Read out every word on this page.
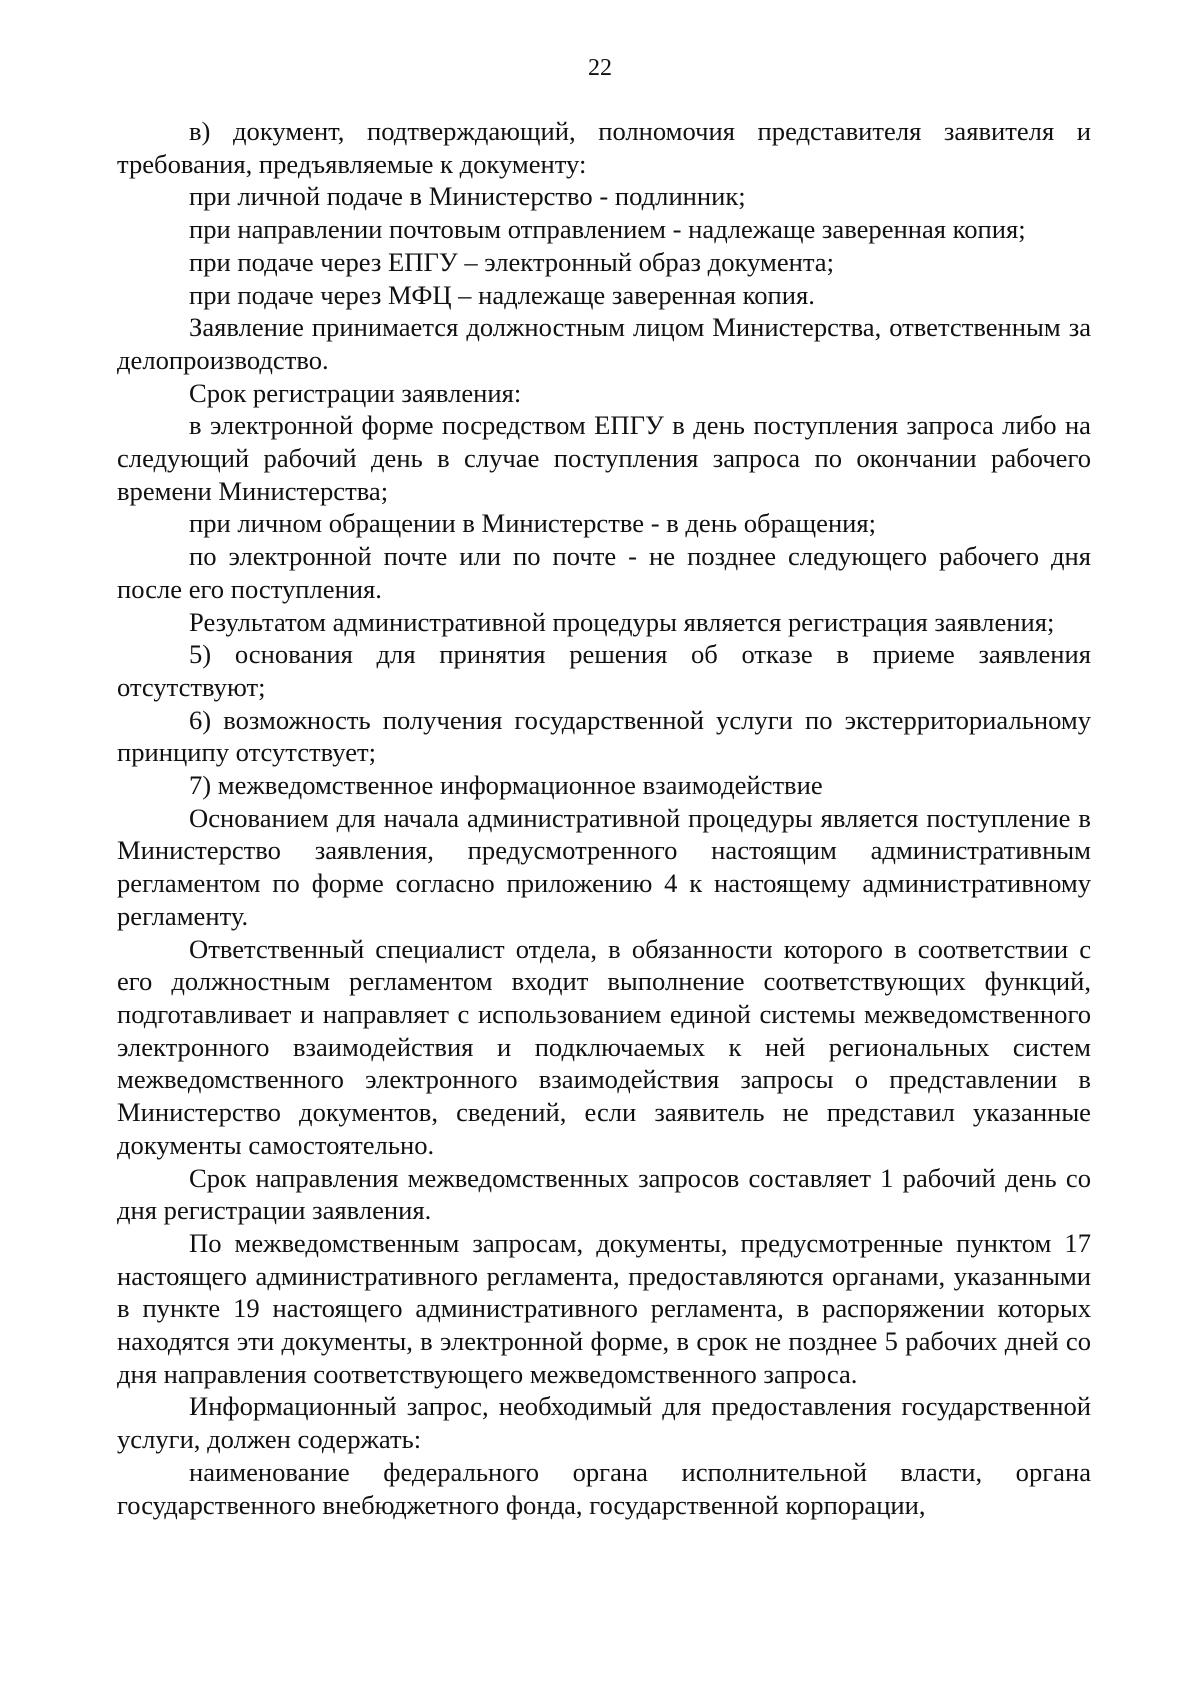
22

в) документ, подтверждающий, полномочия представителя заявителя и требования, предъявляемые к документу:

при личной подаче в Министерство - подлинник;

при направлении почтовым отправлением - надлежаще заверенная копия;

при подаче через ЕПГУ – электронный образ документа;

при подаче через МФЦ – надлежаще заверенная копия.

Заявление принимается должностным лицом Министерства, ответственным за делопроизводство.

Срок регистрации заявления:

в электронной форме посредством ЕПГУ в день поступления запроса либо на следующий рабочий день в случае поступления запроса по окончании рабочего времени Министерства;

при личном обращении в Министерстве - в день обращения;

по электронной почте или по почте - не позднее следующего рабочего дня после его поступления.

Результатом административной процедуры является регистрация заявления;

5) основания для принятия решения об отказе в приеме заявления отсутствуют;

6) возможность получения государственной услуги по экстерриториальному принципу отсутствует;

7) межведомственное информационное взаимодействие

Основанием для начала административной процедуры является поступление в Министерство заявления, предусмотренного настоящим административным регламентом по форме согласно приложению 4 к настоящему административному регламенту.

Ответственный специалист отдела, в обязанности которого в соответствии с его должностным регламентом входит выполнение соответствующих функций, подготавливает и направляет с использованием единой системы межведомственного электронного взаимодействия и подключаемых к ней региональных систем межведомственного электронного взаимодействия запросы о представлении в Министерство документов, сведений, если заявитель не представил указанные документы самостоятельно.

Срок направления межведомственных запросов составляет 1 рабочий день со дня регистрации заявления.

По межведомственным запросам, документы, предусмотренные пунктом 17 настоящего административного регламента, предоставляются органами, указанными в пункте 19 настоящего административного регламента, в распоряжении которых находятся эти документы, в электронной форме, в срок не позднее 5 рабочих дней со дня направления соответствующего межведомственного запроса.

Информационный запрос, необходимый для предоставления государственной услуги, должен содержать:

наименование федерального органа исполнительной власти, органа государственного внебюджетного фонда, государственной корпорации,
